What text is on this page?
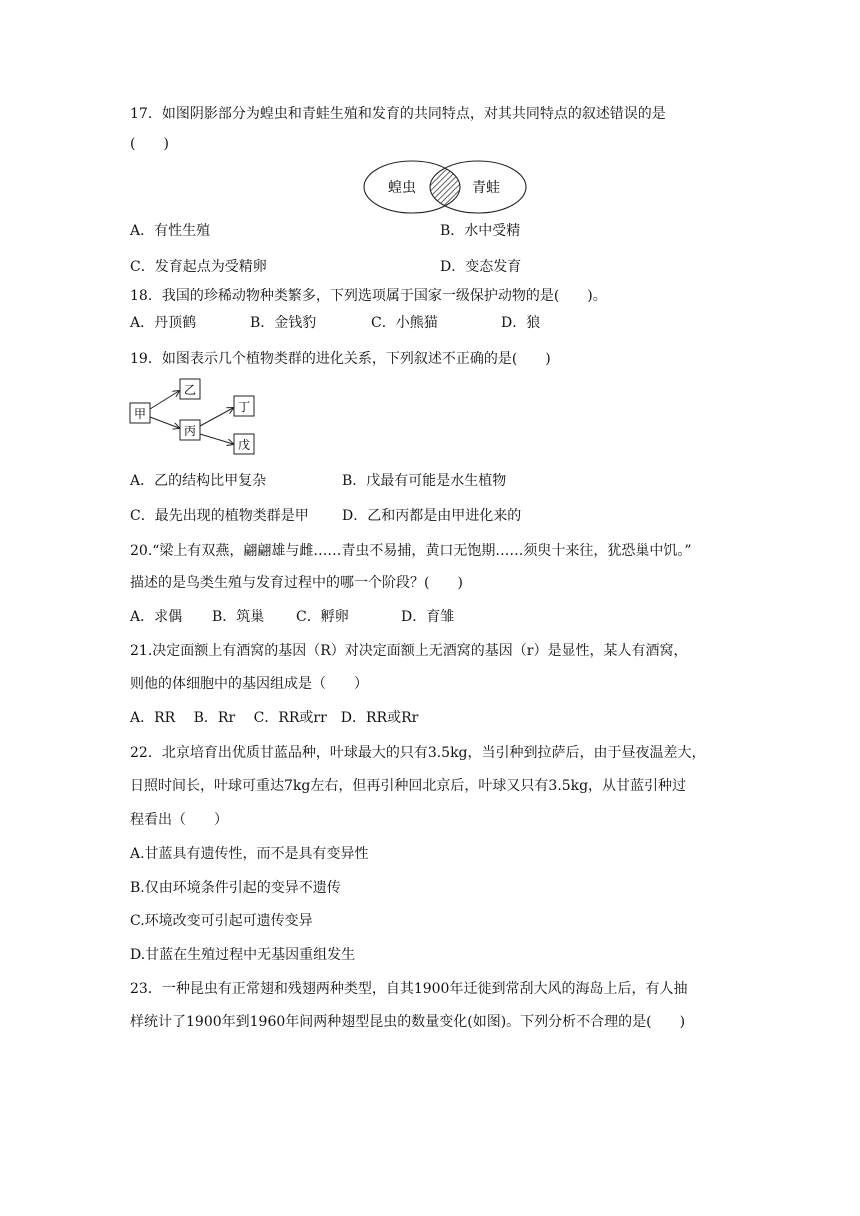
17．如图阴影部分为蝗虫和青蛙生殖和发育的共同特点，对其共同特点的叙述错误的是
(　　)
蝗虫	青蛙
A．有性生殖	B．水中受精
C．发育起点为受精卵	D．变态发育
18．我国的珍稀动物种类繁多，下列选项属于国家一级保护动物的是(　　)。
A．丹顶鹤	B．金钱豹	C．小熊猫	D．狼
19．如图表示几个植物类群的进化关系，下列叙述不正确的是(　　)
甲
乙
丙
丁
戊
A．乙的结构比甲复杂	B．戊最有可能是水生植物
C．最先出现的植物类群是甲 D．乙和丙都是由甲进化来的
20.“梁上有双燕，翩翩雄与雌……青虫不易捕，黄口无饱期……须臾十来往，犹恐巢中饥。”
描述的是鸟类生殖与发育过程中的哪一个阶段？(　　)
A．求偶 B．筑巢 C．孵卵	D．育雏
21.决定面额上有酒窝的基因（R）对决定面额上无酒窝的基因（r）是显性，某人有酒窝，
则他的体细胞中的基因组成是（　　）
A．RR　 B．Rr　 C．RR或rr　D．RR或Rr
22．北京培育出优质甘蓝品种，叶球最大的只有3.5kg，当引种到拉萨后，由于昼夜温差大，
日照时间长，叶球可重达7kg左右，但再引种回北京后，叶球又只有3.5kg，从甘蓝引种过
程看出（　　）
A.甘蓝具有遗传性，而不是具有变异性
B.仅由环境条件引起的变异不遗传
C.环境改变可引起可遗传变异
D.甘蓝在生殖过程中无基因重组发生
23．一种昆虫有正常翅和残翅两种类型，自其1900年迁徙到常刮大风的海岛上后，有人抽
样统计了1900年到1960年间两种翅型昆虫的数量变化(如图)。下列分析不合理的是(　　)
